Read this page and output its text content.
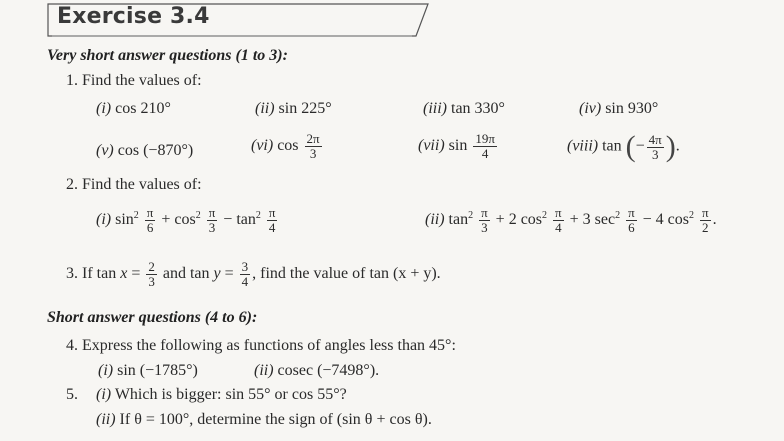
Exercise 3.4
Very short answer questions (1 to 3):
1. Find the values of:
(i) cos 210°	(ii) sin 225°	(iii) tan 330°	(iv) sin 930°
(v) cos (−870°)	(vi) $\cos \frac{2\pi}{3}$	(vii) $\sin \frac{19\pi}{4}$	(viii) tan (− $\frac{4\pi}{3}$ ).
2. Find the values of:
(i) $\sin^2 \frac{\pi}{6} + \cos^2 \frac{\pi}{3} - \tan^2 \frac{\pi}{4}$	(ii) $\tan^2 \frac{\pi}{3} + 2$ $\cos^2 \frac{\pi}{4} + 3$ $\sec^2 \frac{\pi}{6} - 4$ $\cos^2 \frac{\pi}{2}$ .
3. If $\tan x = \frac{2}{3}$ and $\tan y = \frac{3}{4}$ , find the value of tan (x + y).
Short answer questions (4 to 6):
4. Express the following as functions of angles less than 45°:
(i) sin (−1785°)	(ii) cosec (−7498°).
5. (i) Which is bigger: sin 55° or cos 55°?
(ii) If θ = 100°, determine the sign of (sin θ + cos θ).
